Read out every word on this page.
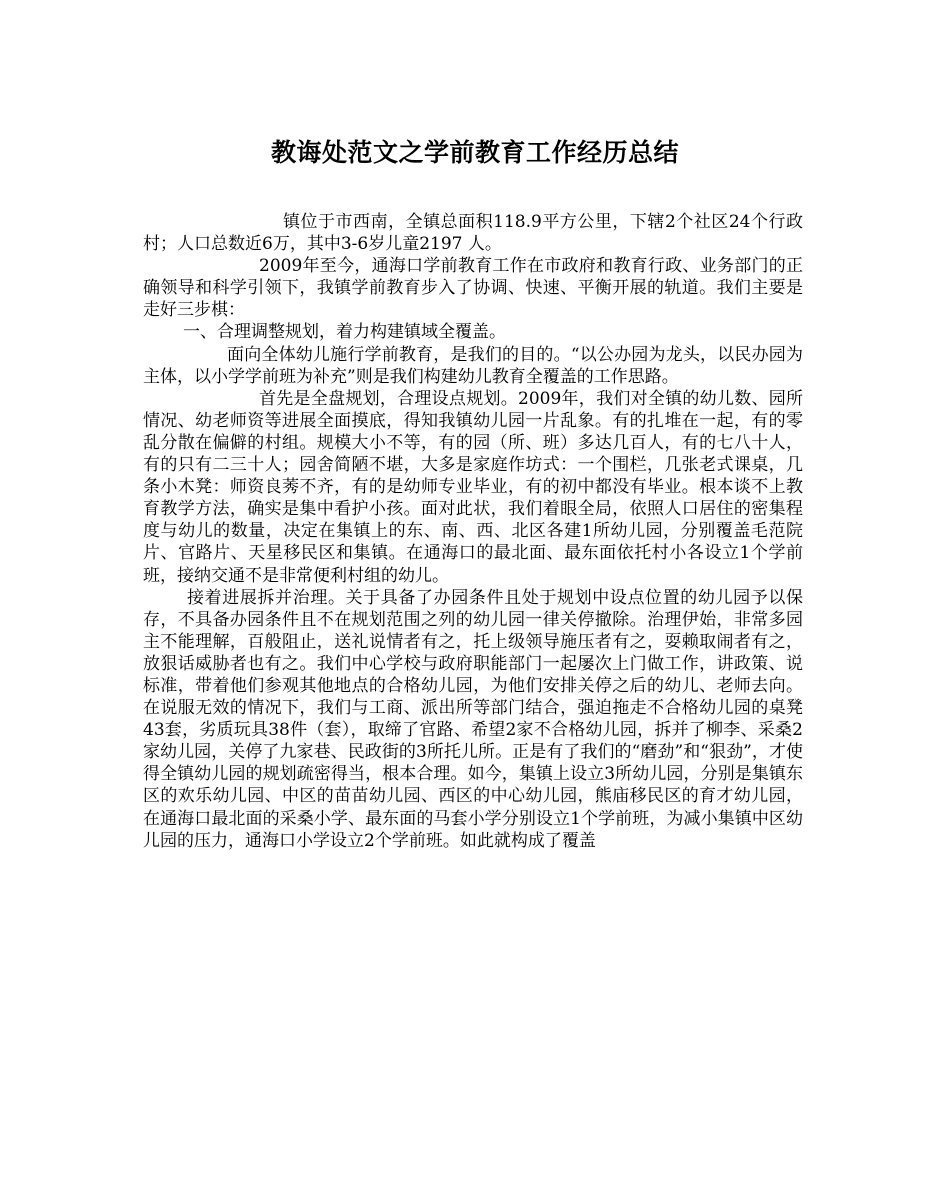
教诲处范文之学前教育工作经历总结

镇位于市西南，全镇总面积118.9平方公里，下辖2个社区24个行政村；人口总数近6万，其中3-6岁儿童2197 人。

2009年至今，通海口学前教育工作在市政府和教育行政、业务部门的正确领导和科学引领下，我镇学前教育步入了协调、快速、平衡开展的轨道。我们主要是走好三步棋：

一、合理调整规划，着力构建镇域全覆盖。

面向全体幼儿施行学前教育，是我们的目的。“以公办园为龙头，以民办园为主体，以小学学前班为补充”则是我们构建幼儿教育全覆盖的工作思路。

首先是全盘规划，合理设点规划。2009年，我们对全镇的幼儿数、园所情况、幼老师资等进展全面摸底，得知我镇幼儿园一片乱象。有的扎堆在一起，有的零乱分散在偏僻的村组。规模大小不等，有的园（所、班）多达几百人，有的七八十人，有的只有二三十人；园舍简陋不堪，大多是家庭作坊式：一个围栏，几张老式课桌，几条小木凳：师资良莠不齐，有的是幼师专业毕业，有的初中都没有毕业。根本谈不上教育教学方法，确实是集中看护小孩。面对此状，我们着眼全局，依照人口居住的密集程度与幼儿的数量，决定在集镇上的东、南、西、北区各建1所幼儿园，分别覆盖毛范院片、官路片、天星移民区和集镇。在通海口的最北面、最东面依托村小各设立1个学前班，接纳交通不是非常便利村组的幼儿。

接着进展拆并治理。关于具备了办园条件且处于规划中设点位置的幼儿园予以保存，不具备办园条件且不在规划范围之列的幼儿园一律关停撤除。治理伊始，非常多园主不能理解，百般阻止，送礼说情者有之，托上级领导施压者有之，耍赖取闹者有之，放狠话威胁者也有之。我们中心学校与政府职能部门一起屡次上门做工作，讲政策、说标准，带着他们参观其他地点的合格幼儿园，为他们安排关停之后的幼儿、老师去向。在说服无效的情况下，我们与工商、派出所等部门结合，强迫拖走不合格幼儿园的桌凳43套，劣质玩具38件（套），取缔了官路、希望2家不合格幼儿园，拆并了柳李、采桑2家幼儿园，关停了九家巷、民政街的3所托儿所。正是有了我们的“磨劲”和“狠劲”，才使得全镇幼儿园的规划疏密得当，根本合理。如今，集镇上设立3所幼儿园，分别是集镇东区的欢乐幼儿园、中区的苗苗幼儿园、西区的中心幼儿园，熊庙移民区的育才幼儿园，在通海口最北面的采桑小学、最东面的马套小学分别设立1个学前班，为减小集镇中区幼儿园的压力，通海口小学设立2个学前班。如此就构成了覆盖
